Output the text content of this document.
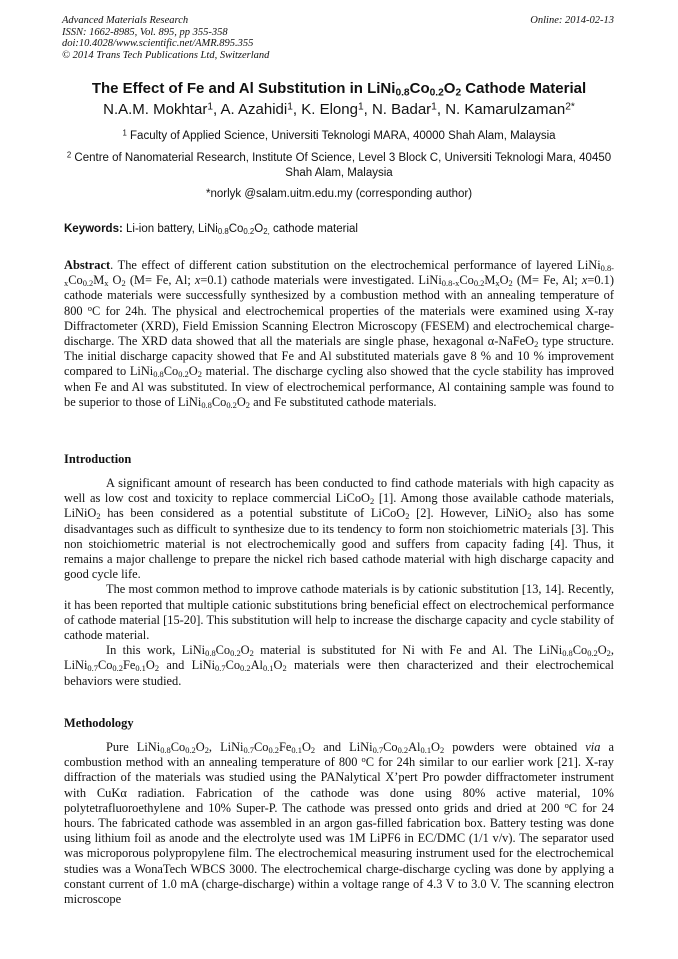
Advanced Materials Research
ISSN: 1662-8985, Vol. 895, pp 355-358
doi:10.4028/www.scientific.net/AMR.895.355
© 2014 Trans Tech Publications Ltd, Switzerland
Online: 2014-02-13
The Effect of Fe and Al Substitution in $LiNi_{0.8}Co_{0.2}O_2$ Cathode Material
N.A.M. Mokhtar$^1$, A. Azahidi$^1$, K. Elong$^1$, N. Badar$^1$, N. Kamarulzaman$^{2*}$
$^1$ Faculty of Applied Science, Universiti Teknologi MARA, 40000 Shah Alam, Malaysia
$^2$ Centre of Nanomaterial Research, Institute Of Science, Level 3 Block C, Universiti Teknologi Mara, 40450 Shah Alam, Malaysia
*norlyk @salam.uitm.edu.my (corresponding author)
Keywords: Li-ion battery, $LiNi_{0.8}Co_{0.2}O_{2,}$ cathode material

Abstract. The effect of different cation substitution on the electrochemical performance of layered $LiNi_{0.8-x}Co_{0.2}M_x$ $O_2$ (M= Fe, Al; x=0.1) cathode materials were investigated. $LiNi_{0.8-x}Co_{0.2}M_xO_2$ (M= Fe, Al; x=0.1) cathode materials were successfully synthesized by a combustion method with an annealing temperature of 800 $^o$C for 24h. The physical and electrochemical properties of the materials were examined using X-ray Diffractometer (XRD), Field Emission Scanning Electron Microscopy (FESEM) and electrochemical charge-discharge. The XRD data showed that all the materials are single phase, hexagonal α-NaFeO$_2$ type structure. The initial discharge capacity showed that Fe and Al substituted materials gave 8 % and 10 % improvement compared to $LiNi_{0.8}Co_{0.2}O_2$ material. The discharge cycling also showed that the cycle stability has improved when Fe and Al was substituted. In view of electrochemical performance, Al containing sample was found to be superior to those of $LiNi_{0.8}Co_{0.2}O_2$ and Fe substituted cathode materials.

Introduction

A significant amount of research has been conducted to find cathode materials with high capacity as well as low cost and toxicity to replace commercial LiCoO$_2$ [1]. Among those available cathode materials, LiNiO$_2$ has been considered as a potential substitute of LiCoO$_2$ [2]. However, LiNiO$_2$ also has some disadvantages such as difficult to synthesize due to its tendency to form non stoichiometric materials [3]. This non stoichiometric material is not electrochemically good and suffers from capacity fading [4]. Thus, it remains a major challenge to prepare the nickel rich based cathode material with high discharge capacity and good cycle life.

The most common method to improve cathode materials is by cationic substitution [13, 14]. Recently, it has been reported that multiple cationic substitutions bring beneficial effect on electrochemical performance of cathode material [15-20]. This substitution will help to increase the discharge capacity and cycle stability of cathode material.

In this work, $LiNi_{0.8}Co_{0.2}O_2$ material is substituted for Ni with Fe and Al. The $LiNi_{0.8}Co_{0.2}O_2$, $LiNi_{0.7}Co_{0.2}Fe_{0.1}O_2$ and $LiNi_{0.7}Co_{0.2}Al_{0.1}O_2$ materials were then characterized and their electrochemical behaviors were studied.

Methodology

Pure $LiNi_{0.8}Co_{0.2}O_2$, $LiNi_{0.7}Co_{0.2}Fe_{0.1}O_2$ and $LiNi_{0.7}Co_{0.2}Al_{0.1}O_2$ powders were obtained via a combustion method with an annealing temperature of 800 $^o$C for 24h similar to our earlier work [21]. X-ray diffraction of the materials was studied using the PANalytical X’pert Pro powder diffractometer instrument with CuKα radiation. Fabrication of the cathode was done using 80% active material, 10% polytetrafluoroethylene and 10% Super-P. The cathode was pressed onto grids and dried at 200 $^o$C for 24 hours. The fabricated cathode was assembled in an argon gas-filled fabrication box. Battery testing was done using lithium foil as anode and the electrolyte used was 1M LiPF6 in EC/DMC (1/1 v/v). The separator used was microporous polypropylene film. The electrochemical measuring instrument used for the electrochemical studies was a WonaTech WBCS 3000. The electrochemical charge-discharge cycling was done by applying a constant current of 1.0 mA (charge-discharge) within a voltage range of 4.3 V to 3.0 V. The scanning electron microscope
